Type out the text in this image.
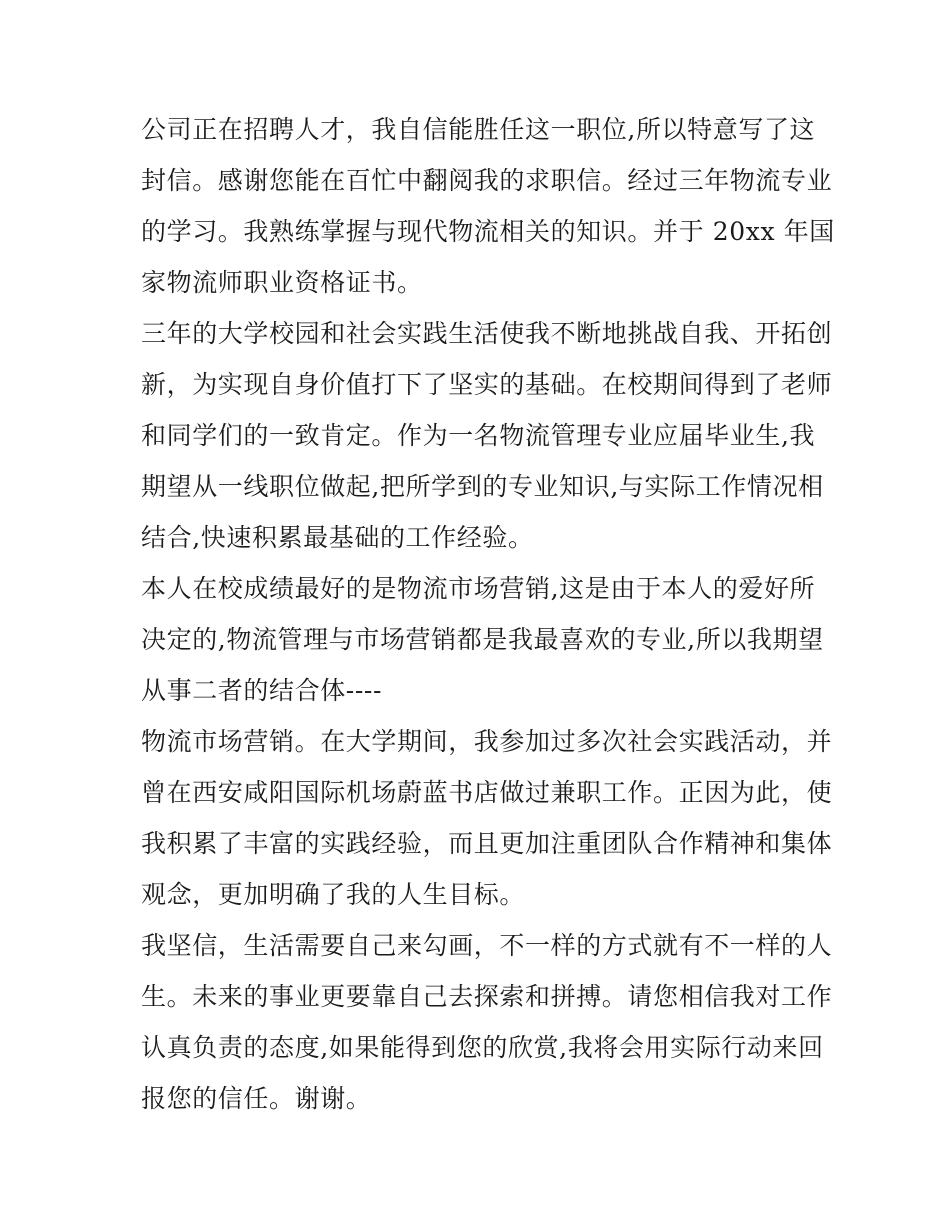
公司正在招聘人才，我自信能胜任这一职位,所以特意写了这
封信。感谢您能在百忙中翻阅我的求职信。经过三年物流专业
的学习。我熟练掌握与现代物流相关的知识。并于 20xx 年国
家物流师职业资格证书。
三年的大学校园和社会实践生活使我不断地挑战自我、开拓创
新，为实现自身价值打下了坚实的基础。在校期间得到了老师
和同学们的一致肯定。作为一名物流管理专业应届毕业生,我
期望从一线职位做起,把所学到的专业知识,与实际工作情况相
结合,快速积累最基础的工作经验。
本人在校成绩最好的是物流市场营销,这是由于本人的爱好所
决定的,物流管理与市场营销都是我最喜欢的专业,所以我期望
从事二者的结合体----
物流市场营销。在大学期间，我参加过多次社会实践活动，并
曾在西安咸阳国际机场蔚蓝书店做过兼职工作。正因为此，使
我积累了丰富的实践经验，而且更加注重团队合作精神和集体
观念，更加明确了我的人生目标。
我坚信，生活需要自己来勾画，不一样的方式就有不一样的人
生。未来的事业更要靠自己去探索和拼搏。请您相信我对工作
认真负责的态度,如果能得到您的欣赏,我将会用实际行动来回
报您的信任。谢谢。
